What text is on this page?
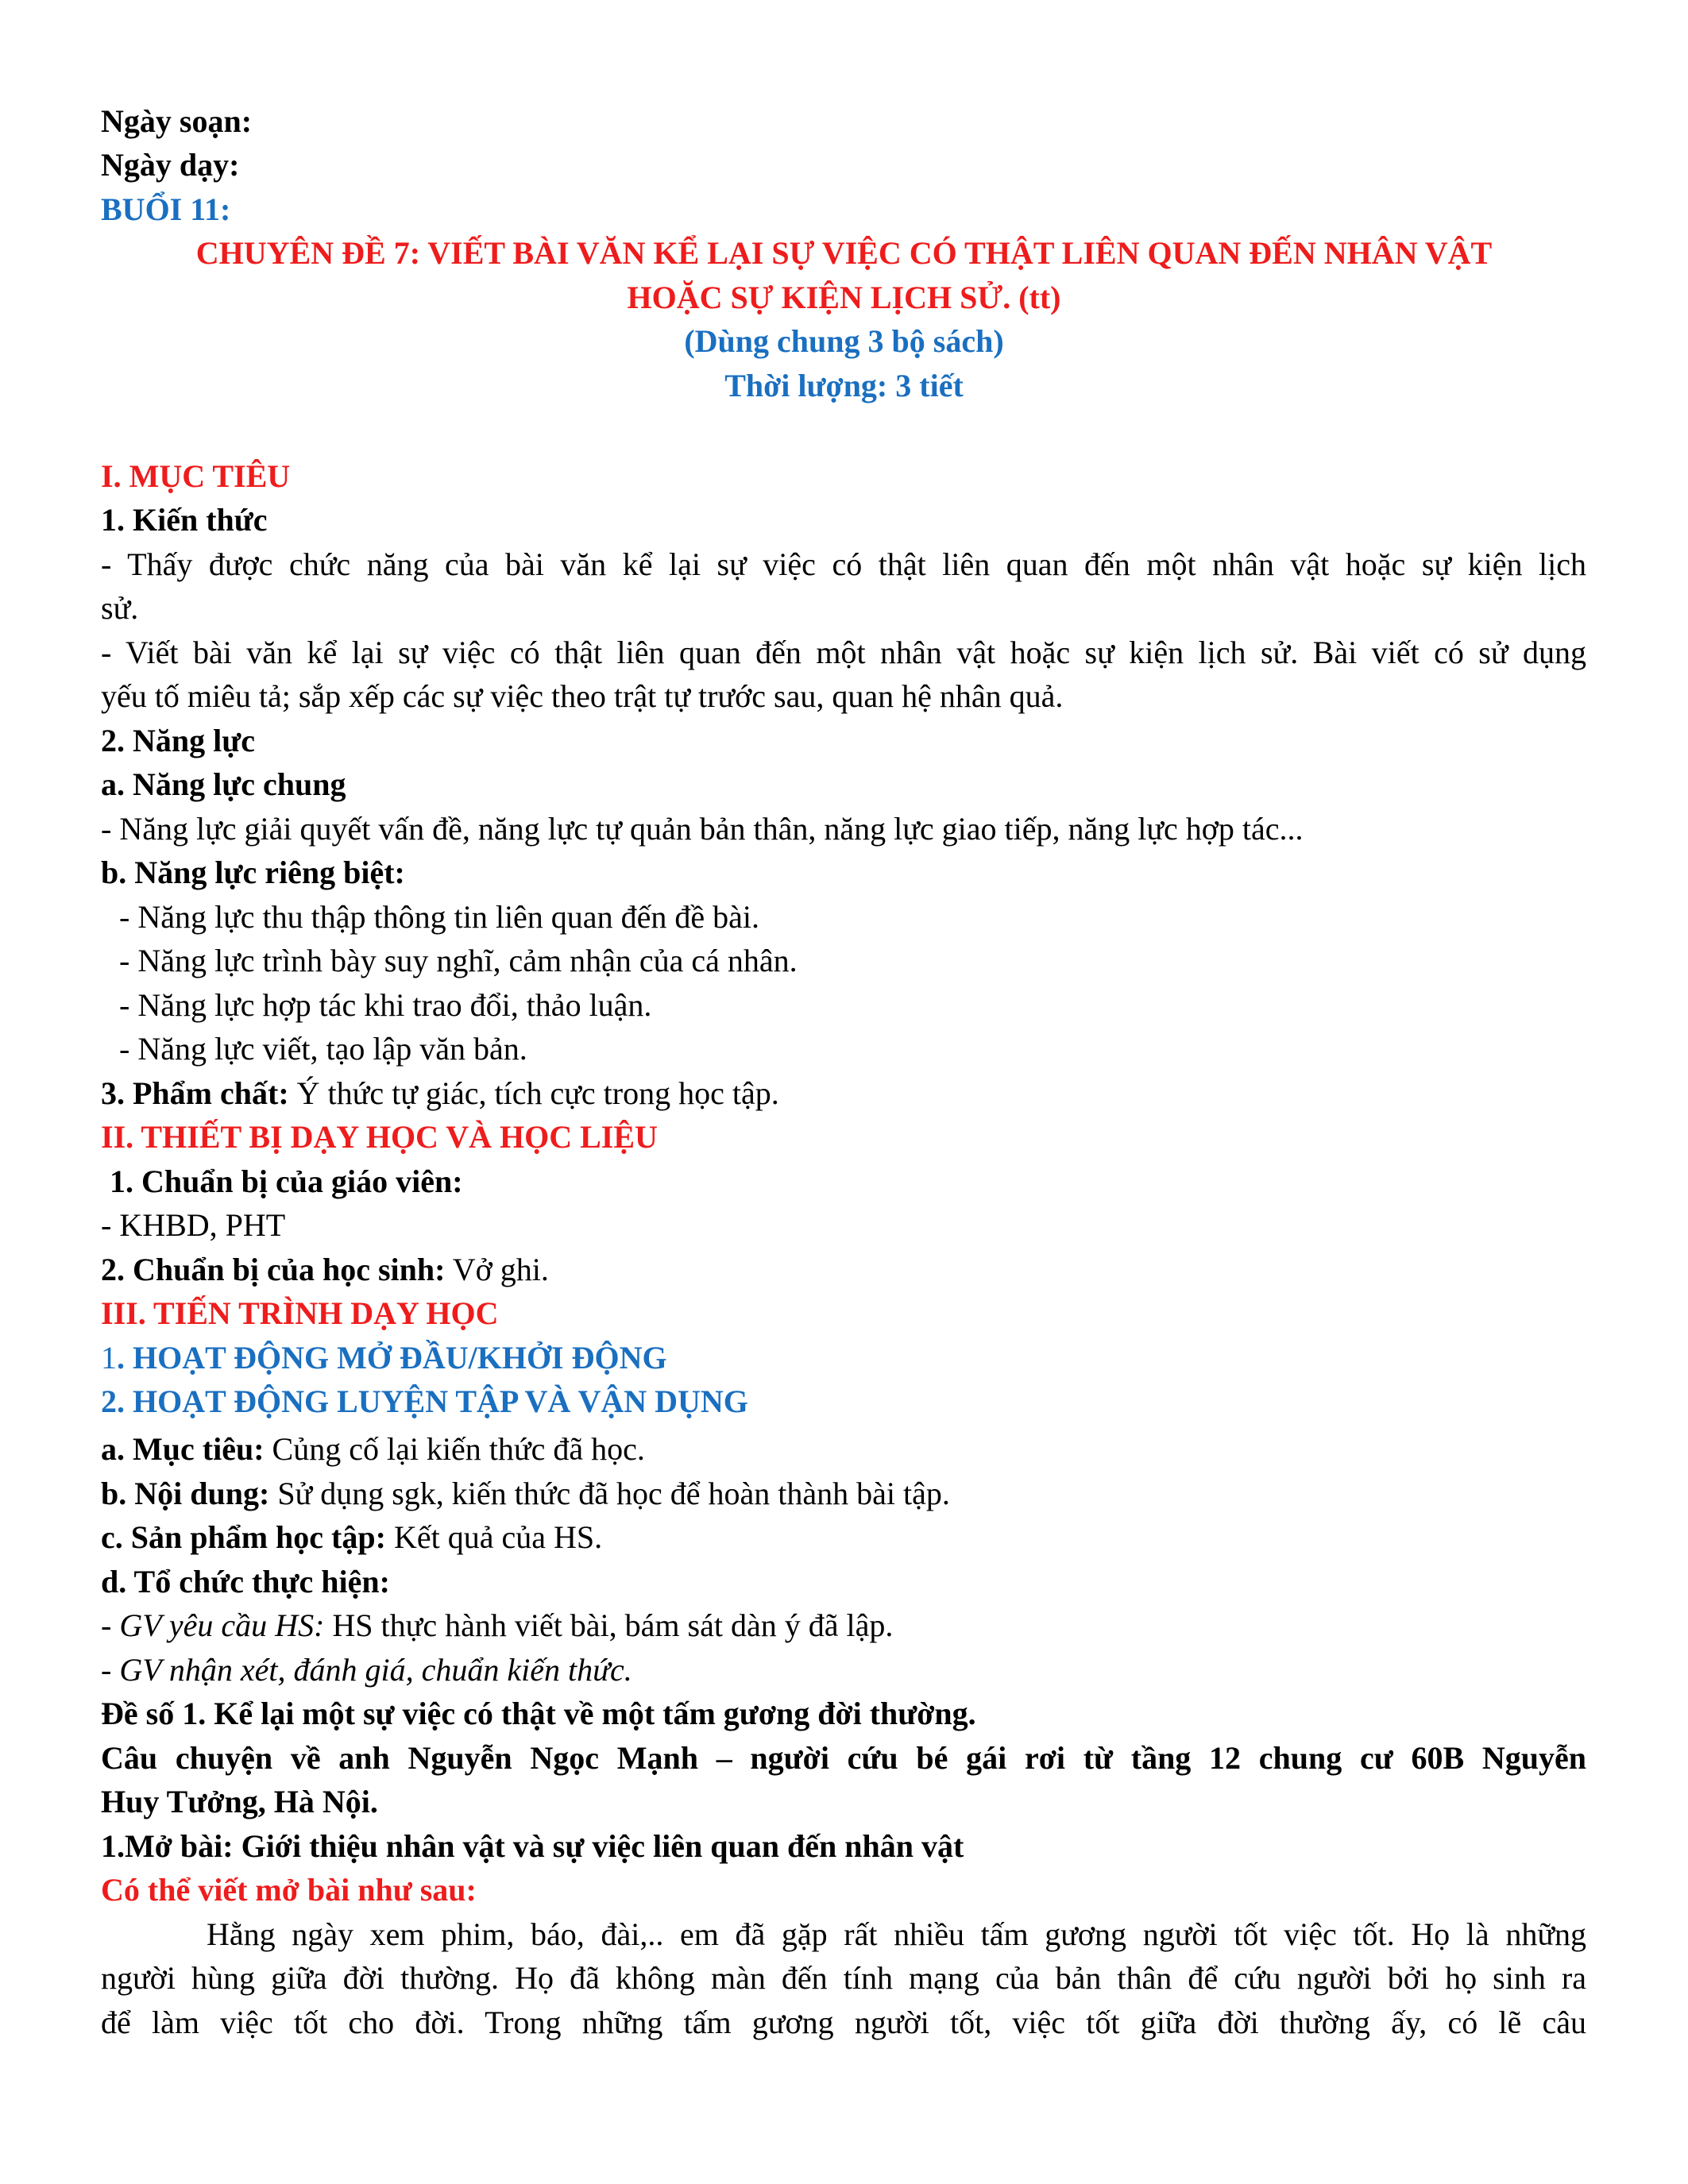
Ngày soạn:
Ngày dạy:
BUỔI 11:
CHUYÊN ĐỀ 7: VIẾT BÀI VĂN KỂ LẠI SỰ VIỆC CÓ THẬT LIÊN QUAN ĐẾN NHÂN VẬT
HOẶC SỰ KIỆN LỊCH SỬ. (tt)
(Dùng chung 3 bộ sách)
Thời lượng: 3 tiết
I. MỤC TIÊU
1. Kiến thức
- Thấy được chức năng của bài văn kể lại sự việc có thật liên quan đến một nhân vật hoặc sự kiện lịch
sử.
- Viết bài văn kể lại sự việc có thật liên quan đến một nhân vật hoặc sự kiện lịch sử. Bài viết có sử dụng
yếu tố miêu tả; sắp xếp các sự việc theo trật tự trước sau, quan hệ nhân quả.
2. Năng lực
a. Năng lực chung
- Năng lực giải quyết vấn đề, năng lực tự quản bản thân, năng lực giao tiếp, năng lực hợp tác...
b. Năng lực riêng biệt:
- Năng lực thu thập thông tin liên quan đến đề bài.
- Năng lực trình bày suy nghĩ, cảm nhận của cá nhân.
- Năng lực hợp tác khi trao đổi, thảo luận.
- Năng lực viết, tạo lập văn bản.
3. Phẩm chất: Ý thức tự giác, tích cực trong học tập.
II. THIẾT BỊ DẠY HỌC VÀ HỌC LIỆU
1. Chuẩn bị của giáo viên:
- KHBD, PHT
2. Chuẩn bị của học sinh: Vở ghi.
III. TIẾN TRÌNH DẠY HỌC
1. HOẠT ĐỘNG MỞ ĐẦU/KHỞI ĐỘNG
2. HOẠT ĐỘNG LUYỆN TẬP VÀ VẬN DỤNG
a. Mục tiêu: Củng cố lại kiến thức đã học.
b. Nội dung: Sử dụng sgk, kiến thức đã học để hoàn thành bài tập.
c. Sản phẩm học tập: Kết quả của HS.
d. Tổ chức thực hiện:
- GV yêu cầu HS: HS thực hành viết bài, bám sát dàn ý đã lập.
- GV nhận xét, đánh giá, chuẩn kiến thức.
Đề số 1. Kể lại một sự việc có thật về một tấm gương đời thường.
Câu chuyện về anh Nguyễn Ngọc Mạnh – người cứu bé gái rơi từ tầng 12 chung cư 60B Nguyễn
Huy Tưởng, Hà Nội.
1.Mở bài: Giới thiệu nhân vật và sự việc liên quan đến nhân vật
Có thể viết mở bài như sau:
Hằng ngày xem phim, báo, đài,.. em đã gặp rất nhiều tấm gương người tốt việc tốt. Họ là những
người hùng giữa đời thường. Họ đã không màn đến tính mạng của bản thân để cứu người bởi họ sinh ra
để làm việc tốt cho đời. Trong những tấm gương người tốt, việc tốt giữa đời thường ấy, có lẽ câu
